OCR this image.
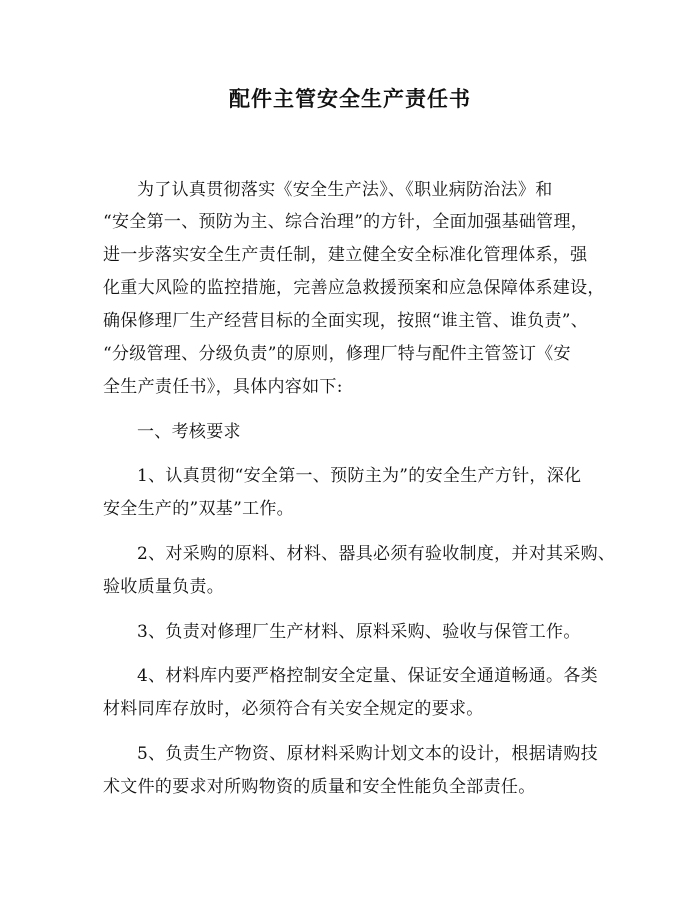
配件主管安全生产责任书
为了认真贯彻落实《安全生产法》、《职业病防治法》和
“安全第一、预防为主、综合治理”的方针，全面加强基础管理，
进一步落实安全生产责任制，建立健全安全标准化管理体系，强
化重大风险的监控措施，完善应急救援预案和应急保障体系建设，
确保修理厂生产经营目标的全面实现，按照“谁主管、谁负责”、
“分级管理、分级负责”的原则，修理厂特与配件主管签订《安
全生产责任书》，具体内容如下:
一、考核要求
1、认真贯彻“安全第一、预防主为”的安全生产方针，深化
安全生产的”双基”工作。
2、对采购的原料、材料、器具必须有验收制度，并对其采购、
验收质量负责。
3、负责对修理厂生产材料、原料采购、验收与保管工作。
4、材料库内要严格控制安全定量、保证安全通道畅通。各类
材料同库存放时，必须符合有关安全规定的要求。
5、负责生产物资、原材料采购计划文本的设计，根据请购技
术文件的要求对所购物资的质量和安全性能负全部责任。
